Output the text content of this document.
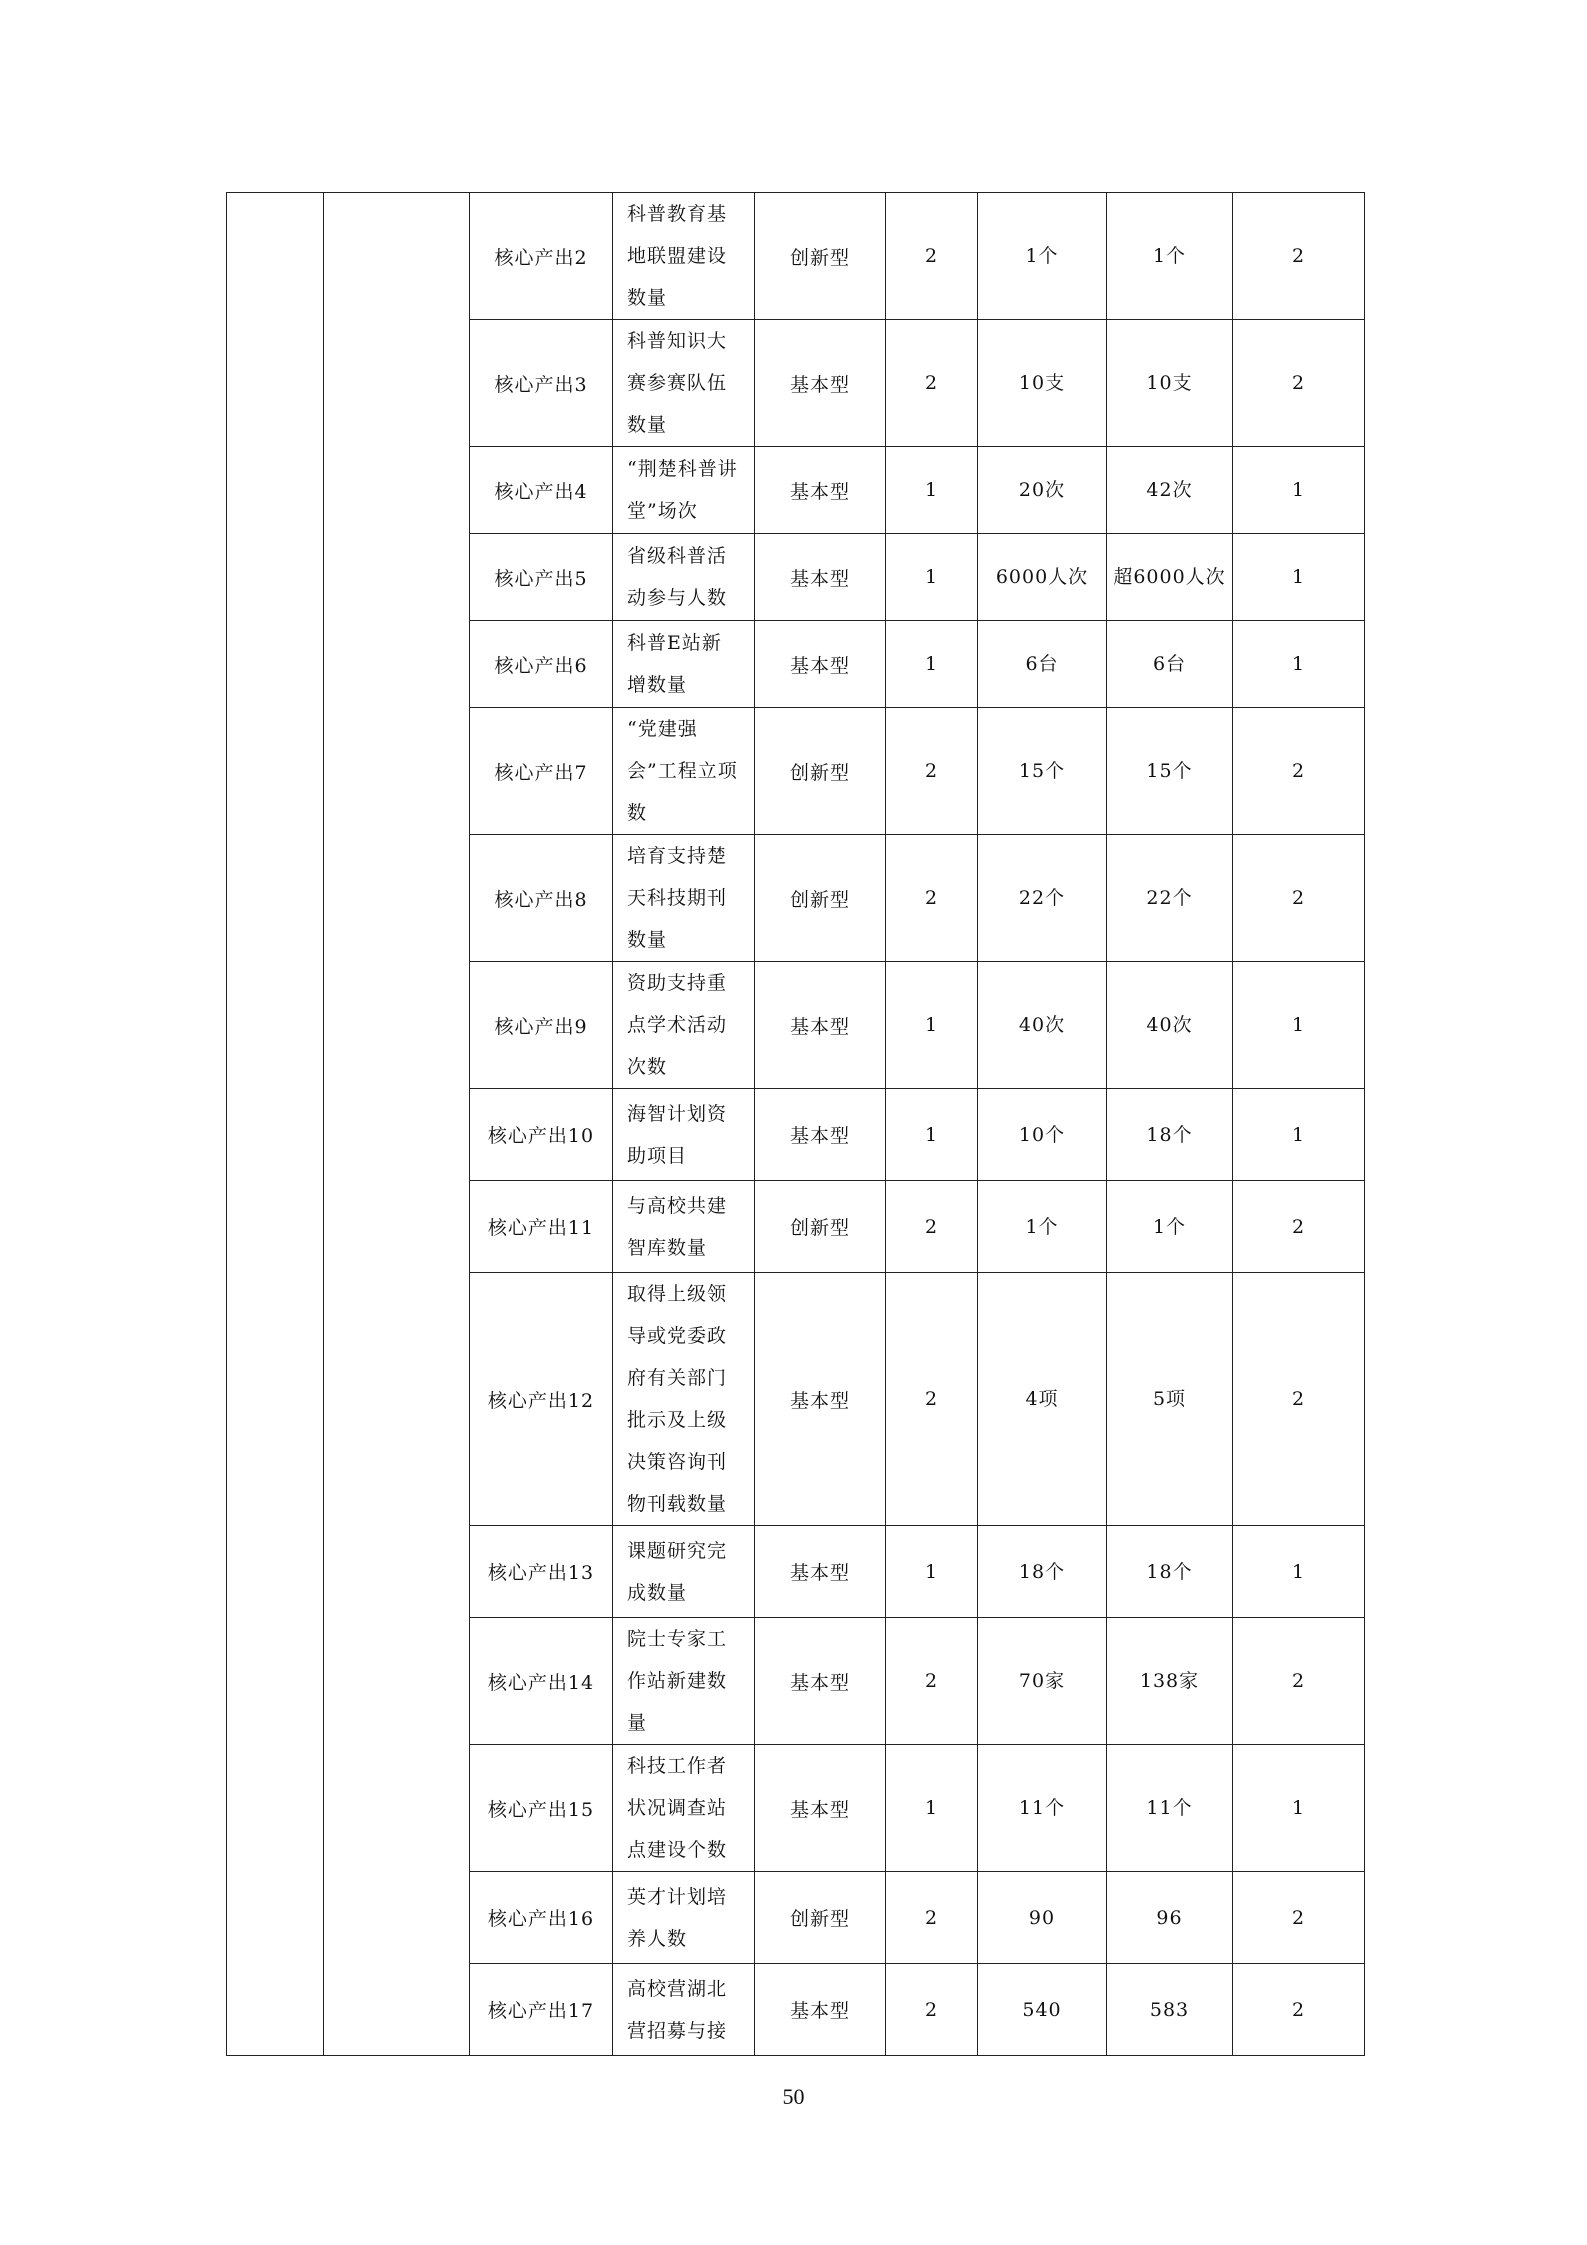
		核心产出2	科普教育基地联盟建设数量	创新型	2	1个	1个	2
		核心产出3	科普知识大赛参赛队伍数量	基本型	2	10支	10支	2
		核心产出4	“荆楚科普讲堂”场次	基本型	1	20次	42次	1
		核心产出5	省级科普活动参与人数	基本型	1	6000人次	超6000人次	1
		核心产出6	科普E站新增数量	基本型	1	6台	6台	1
		核心产出7	“党建强会”工程立项数	创新型	2	15个	15个	2
		核心产出8	培育支持楚天科技期刊数量	创新型	2	22个	22个	2
		核心产出9	资助支持重点学术活动次数	基本型	1	40次	40次	1
		核心产出10	海智计划资助项目	基本型	1	10个	18个	1
		核心产出11	与高校共建智库数量	创新型	2	1个	1个	2
		核心产出12	取得上级领导或党委政府有关部门批示及上级决策咨询刊物刊载数量	基本型	2	4项	5项	2
		核心产出13	课题研究完成数量	基本型	1	18个	18个	1
		核心产出14	院士专家工作站新建数量	基本型	2	70家	138家	2
		核心产出15	科技工作者状况调查站点建设个数	基本型	1	11个	11个	1
		核心产出16	英才计划培养人数	创新型	2	90	96	2
		核心产出17	高校营湖北营招募与接	基本型	2	540	583	2
50
